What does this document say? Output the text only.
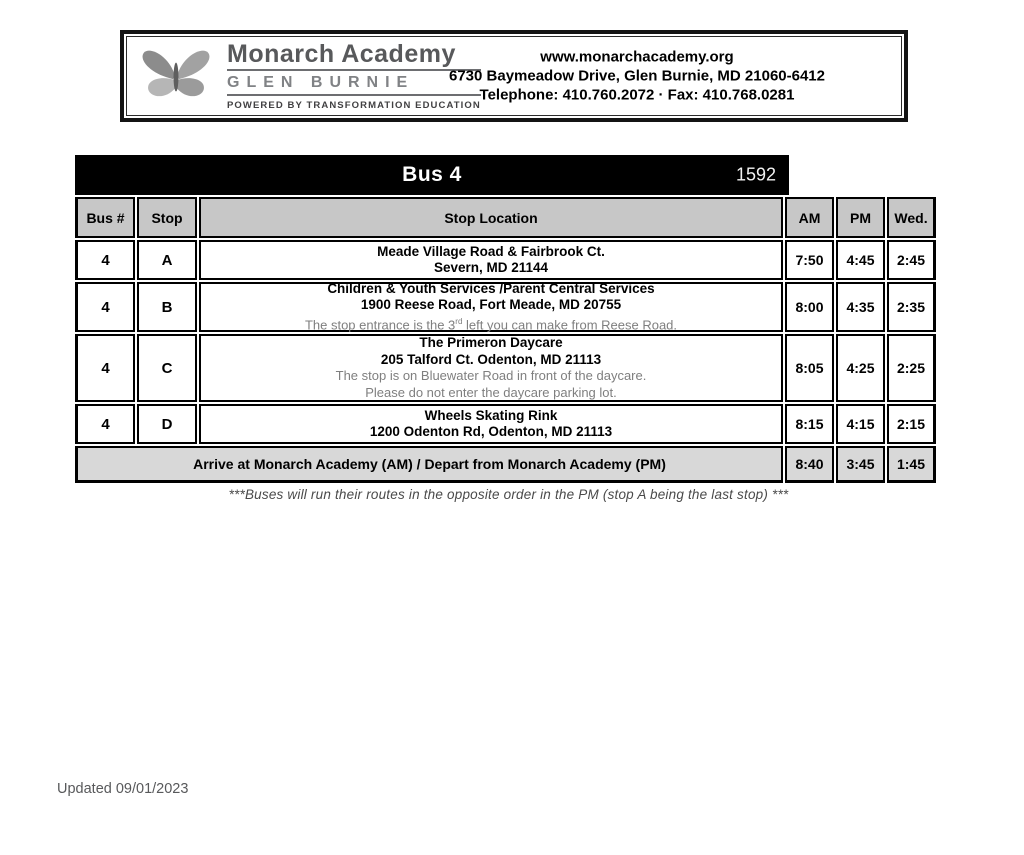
Monarch Academy
GLEN BURNIE
POWERED BY TRANSFORMATION EDUCATION
www.monarchacademy.org
6730 Baymeadow Drive, Glen Burnie, MD 21060-6412
Telephone: 410.760.2072 · Fax: 410.768.0281
Bus 4	1592
Bus #	Stop	Stop Location	AM	PM	Wed.
4	A
Meade Village Road & Fairbrook Ct.
Severn, MD 21144	7:50	4:45	2:45
4	B
Children & Youth Services /Parent Central Services
1900 Reese Road, Fort Meade, MD 20755
The stop entrance is the 3rd left you can make from Reese Road.
8:00	4:35	2:35
4	C
The Primeron Daycare
205 Talford Ct. Odenton, MD 21113
The stop is on Bluewater Road in front of the daycare.
Please do not enter the daycare parking lot.
8:05	4:25	2:25
4	D
Wheels Skating Rink
1200 Odenton Rd, Odenton, MD 21113	8:15	4:15	2:15
Arrive at Monarch Academy (AM) / Depart from Monarch Academy (PM)	8:40	3:45	1:45
***Buses will run their routes in the opposite order in the PM (stop A being the last stop) ***
Updated 09/01/2023
